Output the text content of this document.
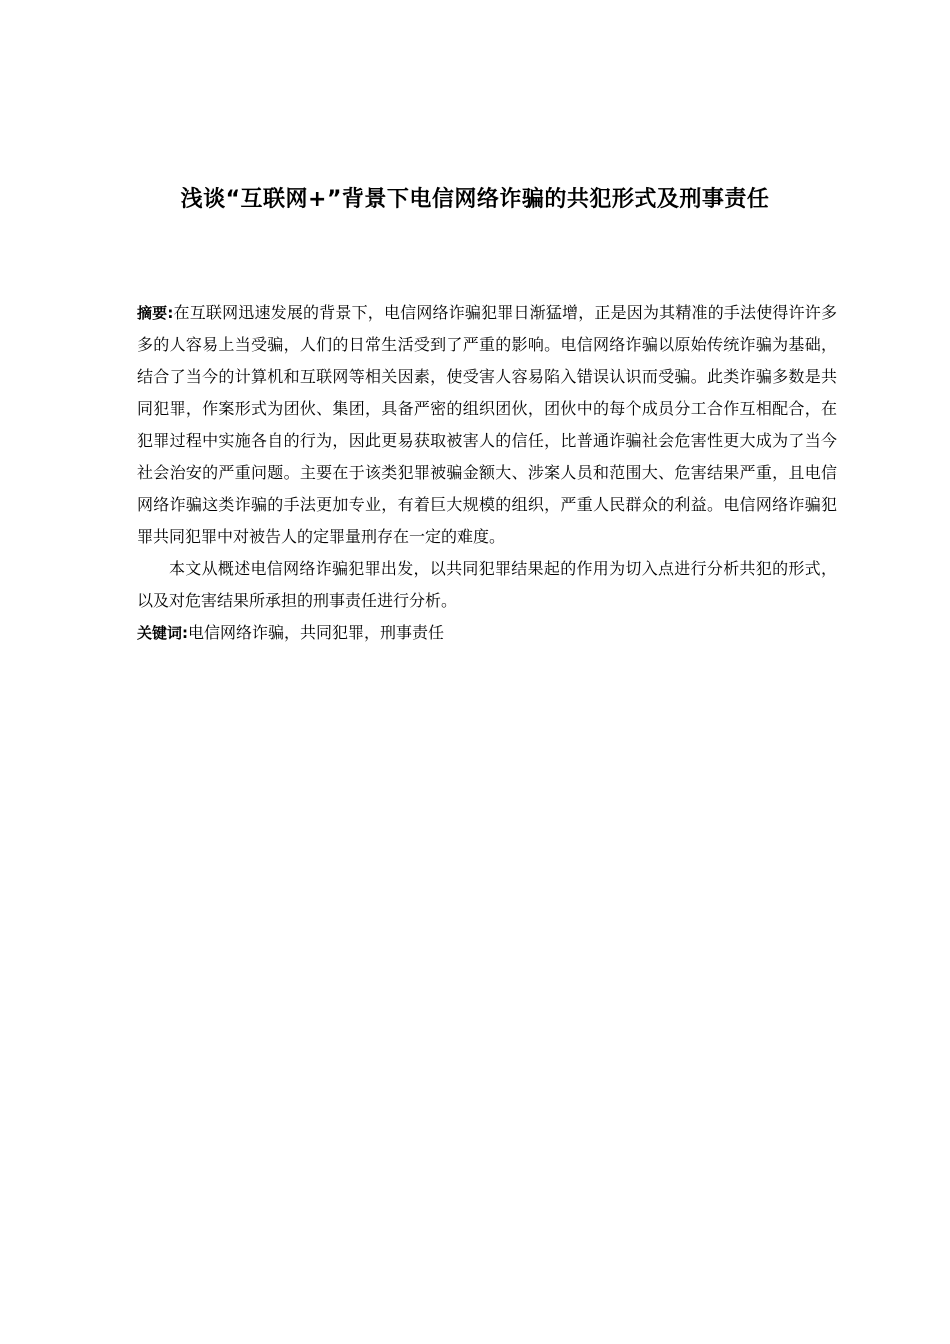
浅谈“互联网+”背景下电信网络诈骗的共犯形式及刑事责任

摘要:在互联网迅速发展的背景下，电信网络诈骗犯罪日渐猛增，正是因为其精准的手法使得许许多多的人容易上当受骗，人们的日常生活受到了严重的影响。电信网络诈骗以原始传统诈骗为基础，结合了当今的计算机和互联网等相关因素，使受害人容易陷入错误认识而受骗。此类诈骗多数是共同犯罪，作案形式为团伙、集团，具备严密的组织团伙，团伙中的每个成员分工合作互相配合，在犯罪过程中实施各自的行为，因此更易获取被害人的信任，比普通诈骗社会危害性更大成为了当今社会治安的严重问题。主要在于该类犯罪被骗金额大、涉案人员和范围大、危害结果严重，且电信网络诈骗这类诈骗的手法更加专业，有着巨大规模的组织，严重人民群众的利益。电信网络诈骗犯罪共同犯罪中对被告人的定罪量刑存在一定的难度。

本文从概述电信网络诈骗犯罪出发，以共同犯罪结果起的作用为切入点进行分析共犯的形式，以及对危害结果所承担的刑事责任进行分析。

关键词:电信网络诈骗，共同犯罪，刑事责任
